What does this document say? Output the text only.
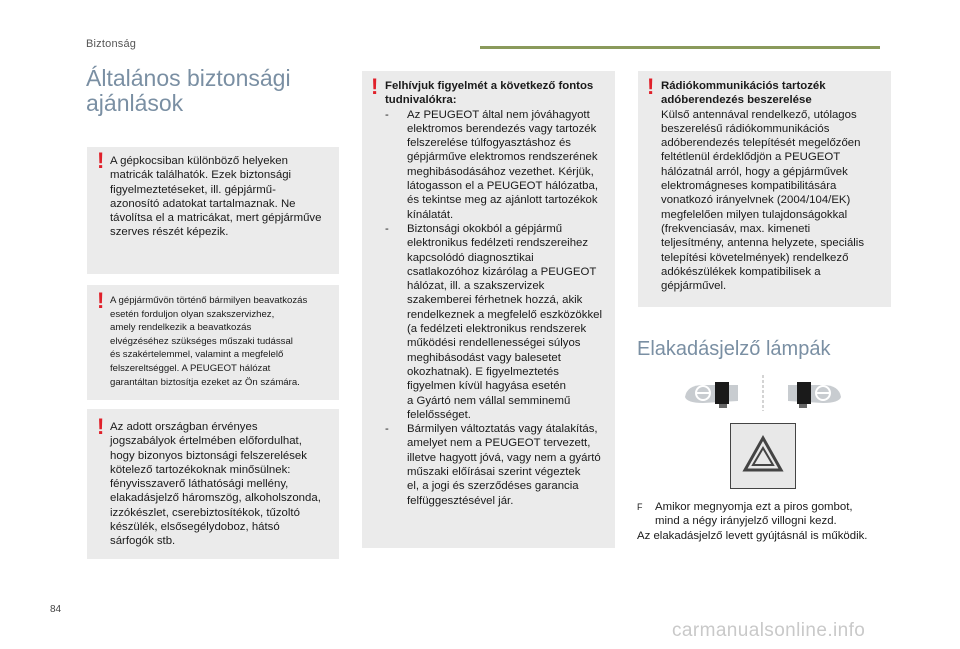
Biztonság
Általános biztonsági
ajánlások
! A gépkocsiban különböző helyeken
matricák találhatók. Ezek biztonsági
figyelmeztetéseket, ill. gépjármű-
azonosító adatokat tartalmaznak. Ne
távolítsa el a matricákat, mert gépjárműve
szerves részét képezik.
! A gépjárművön történő bármilyen beavatkozás
esetén forduljon olyan szakszervizhez,
amely rendelkezik a beavatkozás
elvégzéséhez szükséges műszaki tudással
és szakértelemmel, valamint a megfelelő
felszereltséggel. A PEUGEOT hálózat
garantáltan biztosítja ezeket az Ön számára.
! Az adott országban érvényes
jogszabályok értelmében előfordulhat,
hogy bizonyos biztonsági felszerelések
kötelező tartozékoknak minősülnek:
fényvisszaverő láthatósági mellény,
elakadásjelző háromszög, alkoholszonda,
izzókészlet, cserebiztosítékok, tűzoltó
készülék, elsősegélydoboz, hátsó
sárfogók stb.
! Felhívjuk figyelmét a következő fontos
tudnivalókra:
- Az PEUGEOT által nem jóváhagyott
elektromos berendezés vagy tartozék
felszerelése túlfogyasztáshoz és
gépjárműve elektromos rendszerének
meghibásodásához vezethet. Kérjük,
látogasson el a PEUGEOT hálózatba,
és tekintse meg az ajánlott tartozékok
kínálatát.
- Biztonsági okokból a gépjármű
elektronikus fedélzeti rendszereihez
kapcsolódó diagnosztikai
csatlakozóhoz kizárólag a PEUGEOT
hálózat, ill. a szakszervizek
szakemberei férhetnek hozzá, akik
rendelkeznek a megfelelő eszközökkel
(a fedélzeti elektronikus rendszerek
működési rendellenességei súlyos
meghibásodást vagy balesetet
okozhatnak). E figyelmeztetés
figyelmen kívül hagyása esetén
a Gyártó nem vállal semminemű
felelősséget.
- Bármilyen változtatás vagy átalakítás,
amelyet nem a PEUGEOT tervezett,
illetve hagyott jóvá, vagy nem a gyártó
műszaki előírásai szerint végeztek
el, a jogi és szerződéses garancia
felfüggesztésével jár.
! Rádiókommunikációs tartozék
adóberendezés beszerelése
Külső antennával rendelkező, utólagos
beszerelésű rádiókommunikációs
adóberendezés telepítését megelőzően
feltétlenül érdeklődjön a PEUGEOT
hálózatnál arról, hogy a gépjárművek
elektromágneses kompatibilitására
vonatkozó irányelvnek (2004/104/EK)
megfelelően milyen tulajdonságokkal
(frekvenciasáv, max. kimeneti
teljesítmény, antenna helyzete, speciális
telepítési követelmények) rendelkező
adókészülékek kompatibilisek a
gépjárművel.
Elakadásjelző lámpák
F Amikor megnyomja ezt a piros gombot,
mind a négy irányjelző villogni kezd.
Az elakadásjelző levett gyújtásnál is működik.
84
carmanualsonline.info
